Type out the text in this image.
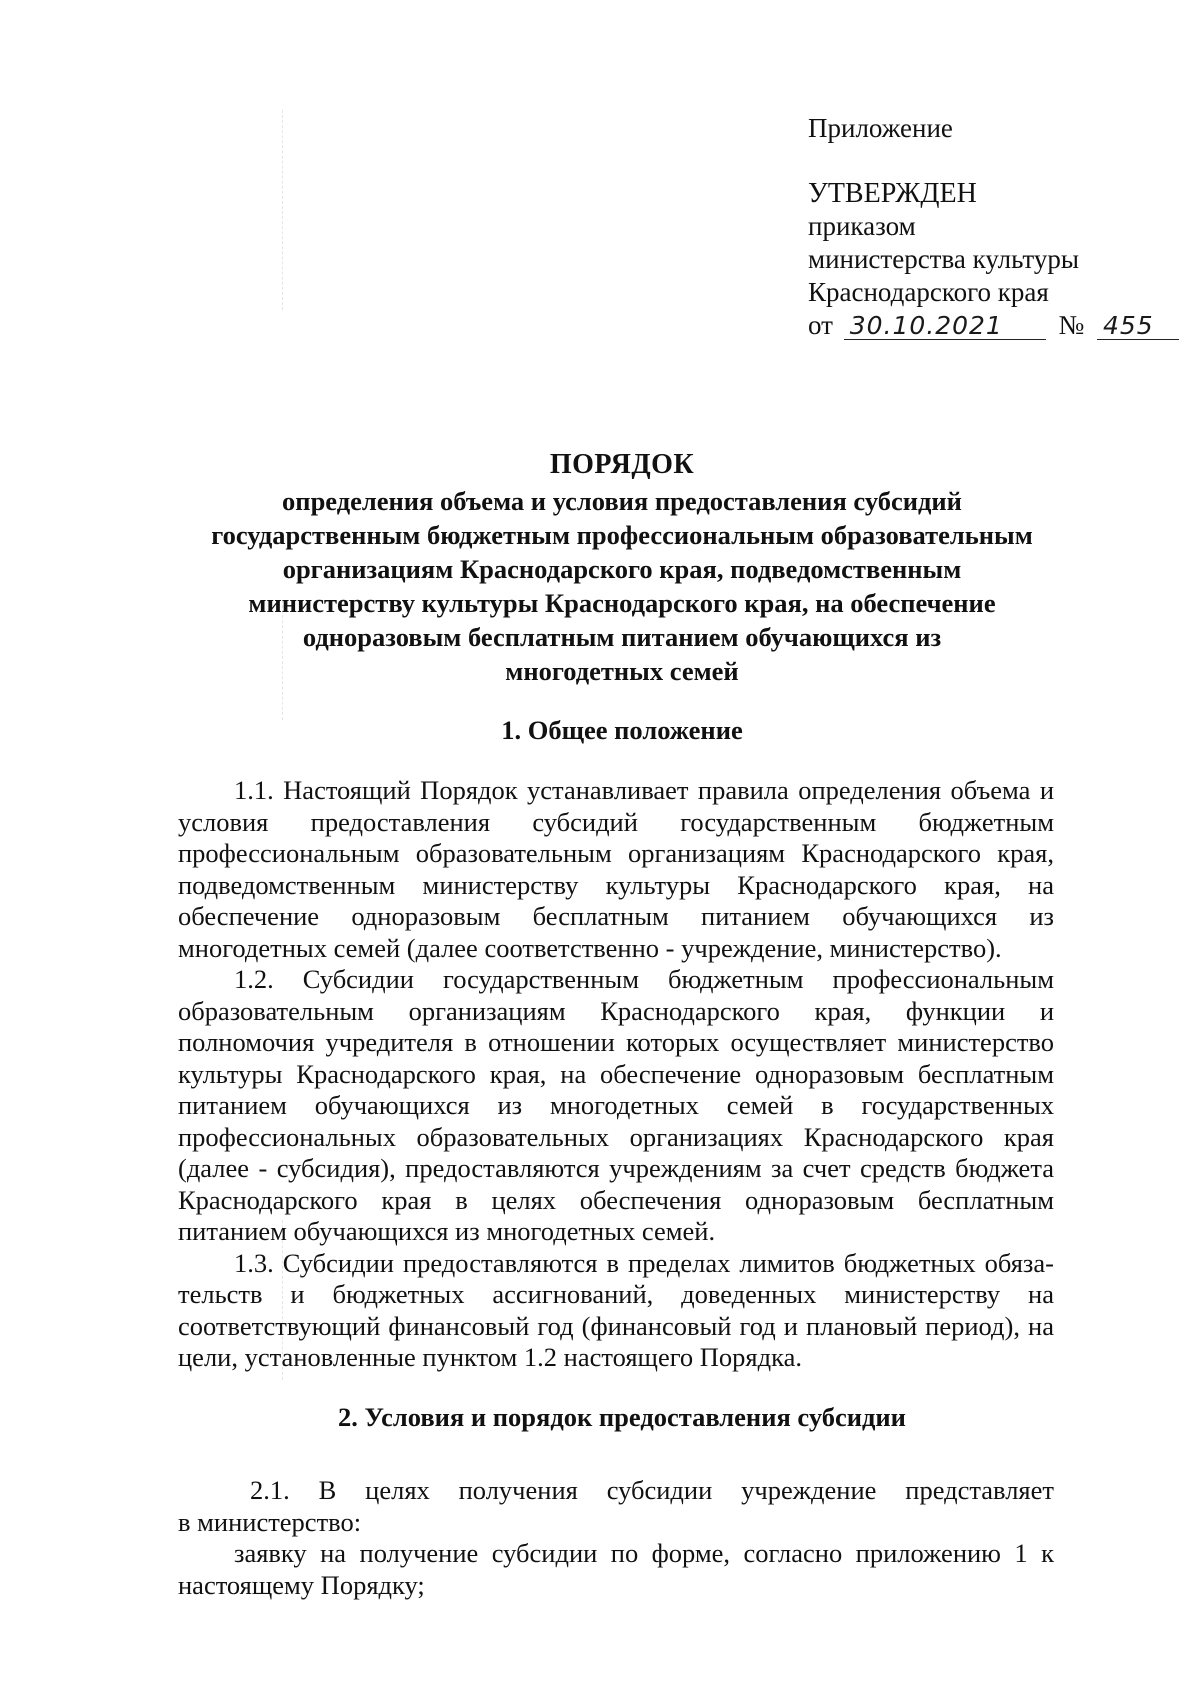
Приложение
УТВЕРЖДЕН
приказом
министерства культуры
Краснодарского края
от 30.10.2021 № 455
ПОРЯДОК
определения объема и условия предоставления субсидий
государственным бюджетным профессиональным образовательным
организациям Краснодарского края, подведомственным
министерству культуры Краснодарского края, на обеспечение
одноразовым бесплатным питанием обучающихся из
многодетных семей
1. Общее положение

1.1. Настоящий Порядок устанавливает правила определения объема и условия предоставления субсидий государственным бюджетным профессиональным образовательным организациям Краснодарского края, подведомственным министерству культуры Краснодарского края, на обеспечение одноразовым бесплатным питанием обучающихся из многодетных семей (далее соответственно - учреждение, министерство).

1.2. Субсидии государственным бюджетным профессиональным образовательным организациям Краснодарского края, функции и полномочия учредителя в отношении которых осуществляет министерство культуры Краснодарского края, на обеспечение одноразовым бесплатным питанием обучающихся из многодетных семей в государственных профессиональных образовательных организациях Краснодарского края (далее - субсидия), предоставляются учреждениям за счет средств бюджета Краснодарского края в целях обеспечения одноразовым бесплатным питанием обучающихся из многодетных семей.

1.3. Субсидии предоставляются в пределах лимитов бюджетных обязательств и бюджетных ассигнований, доведенных министерству на соответствующий финансовый год (финансовый год и плановый период), на цели, установленные пунктом 1.2 настоящего Порядка.

2. Условия и порядок предоставления субсидии
2.1. В целях получения субсидии учреждение представляет

в министерство:

заявку на получение субсидии по форме, согласно приложению 1 к настоящему Порядку;
